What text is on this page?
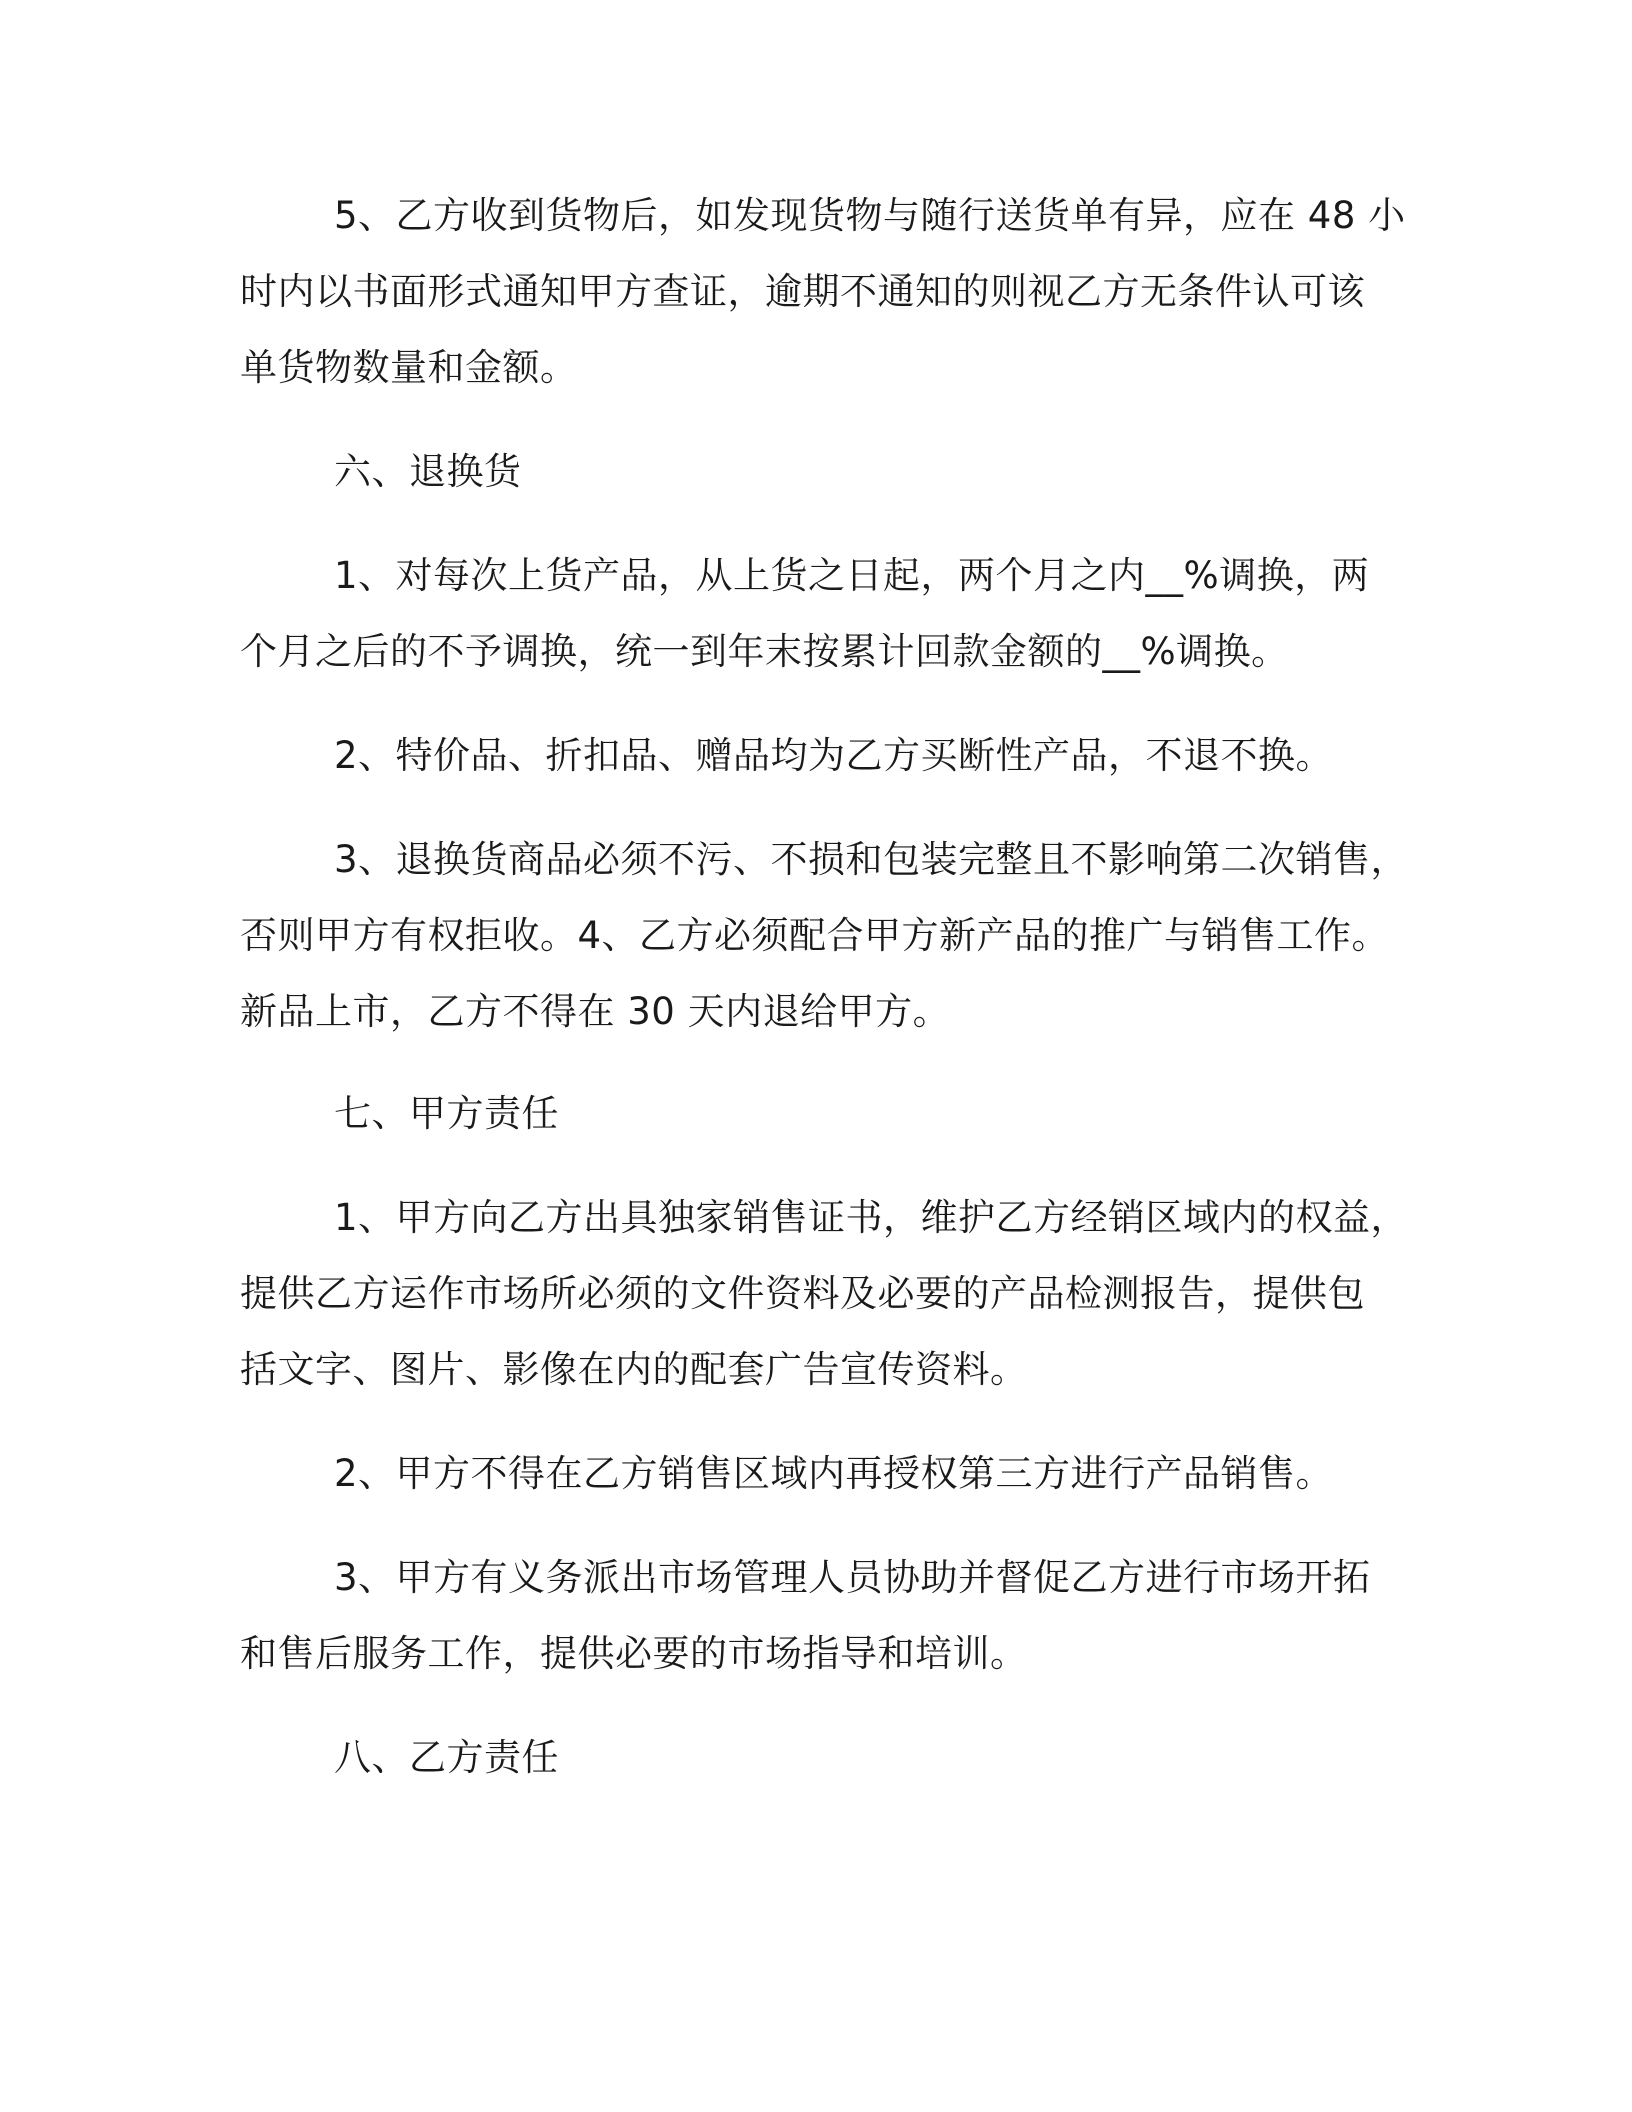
5、乙方收到货物后，如发现货物与随行送货单有异，应在 48 小
时内以书面形式通知甲方查证，逾期不通知的则视乙方无条件认可该
单货物数量和金额。
六、退换货
1、对每次上货产品，从上货之日起，两个月之内__%调换，两
个月之后的不予调换，统一到年末按累计回款金额的__%调换。
2、特价品、折扣品、赠品均为乙方买断性产品，不退不换。
3、退换货商品必须不污、不损和包装完整且不影响第二次销售，
否则甲方有权拒收。4、乙方必须配合甲方新产品的推广与销售工作。
新品上市，乙方不得在 30 天内退给甲方。
七、甲方责任
1、甲方向乙方出具独家销售证书，维护乙方经销区域内的权益，
提供乙方运作市场所必须的文件资料及必要的产品检测报告，提供包
括文字、图片、影像在内的配套广告宣传资料。
2、甲方不得在乙方销售区域内再授权第三方进行产品销售。
3、甲方有义务派出市场管理人员协助并督促乙方进行市场开拓
和售后服务工作，提供必要的市场指导和培训。
八、乙方责任
